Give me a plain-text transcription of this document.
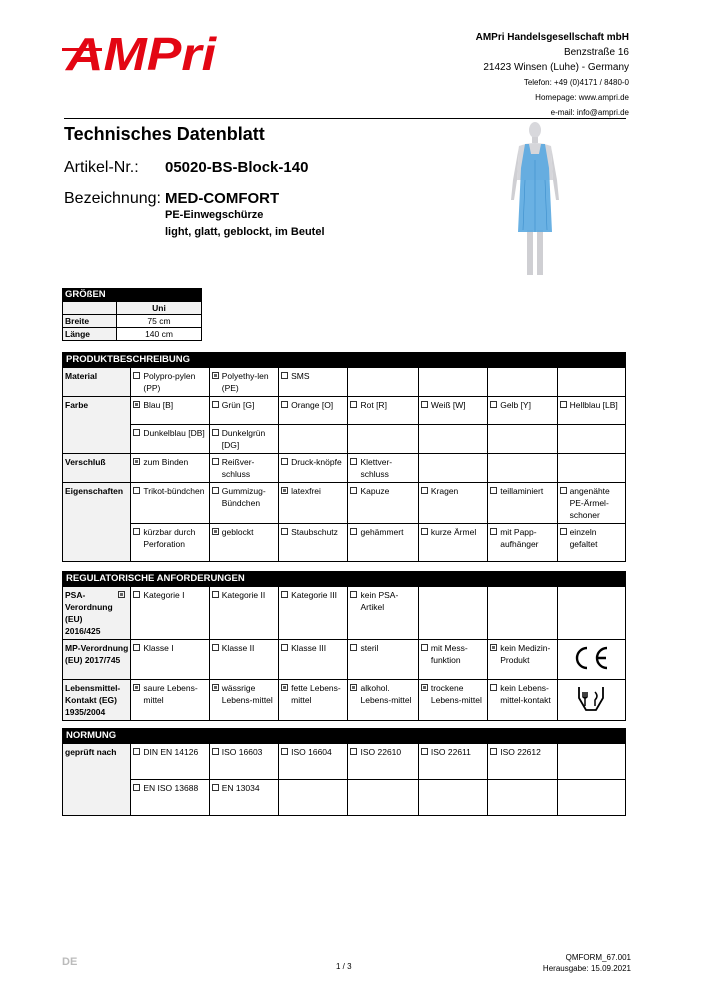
AMPri	AMPri Handelsgesellschaft mbH
Benzstraße 16
21423 Winsen (Luhe) - Germany
Telefon: +49 (0)4171 / 8480-0
Homepage: www.ampri.de
e-mail: info@ampri.de
Technisches Datenblatt
Artikel-Nr.: 05020-BS-Block-140
Bezeichnung: MED-COMFORT
PE-Einwegschürze
light, glatt, geblockt, im Beutel
GRÖßEN	
	Uni
Breite	75 cm
Länge	140 cm
PRODUKTBESCHREIBUNG							
Material	Polypro-pylen (PP)	Polyethy-len (PE)	SMS				

Farbe	Blau [B]	Grün [G]	Orange [O]	Rot [R]	Weiß [W]	Gelb [Y]	Hellblau [LB]

	Dunkelblau [DB]	Dunkelgrün [DG]					

Verschluß	zum Binden	Reißver-schluss	Druck-knöpfe	Klettver-schluss			

Eigenschaften	Trikot-bündchen	Gummizug-Bündchen	latexfrei	Kapuze	Kragen	teillaminiert	angenähte PE-Ärmel-schoner

	kürzbar durch Perforation	geblockt	Staubschutz	gehämmert	kurze Ärmel	mit Papp-aufhänger	einzeln gefaltet
REGULATORISCHE ANFORDERUNGEN							

PSA-Verordnung (EU) 2016/425	Kategorie I	Kategorie II	Kategorie III	kein PSA-Artikel			

MP-Verordnung (EU) 2017/745	Klasse I	Klasse II	Klasse III	steril	mit Mess-funktion	kein Medizin-Produkt

Lebensmittel-Kontakt (EG) 1935/2004	saure Lebens-mittel	wässrige Lebens-mittel	fette Lebens-mittel	alkohol. Lebens-mittel	trockene Lebens-mittel	kein Lebens-mittel-kontakt

NORMUNG							
geprüft nach	DIN EN 14126	ISO 16603	ISO 16604	ISO 22610	ISO 22611	ISO 22612	

	EN ISO 13688	EN 13034					

DE	1 / 3
QMFORM_67.001
Herausgabe: 15.09.2021
